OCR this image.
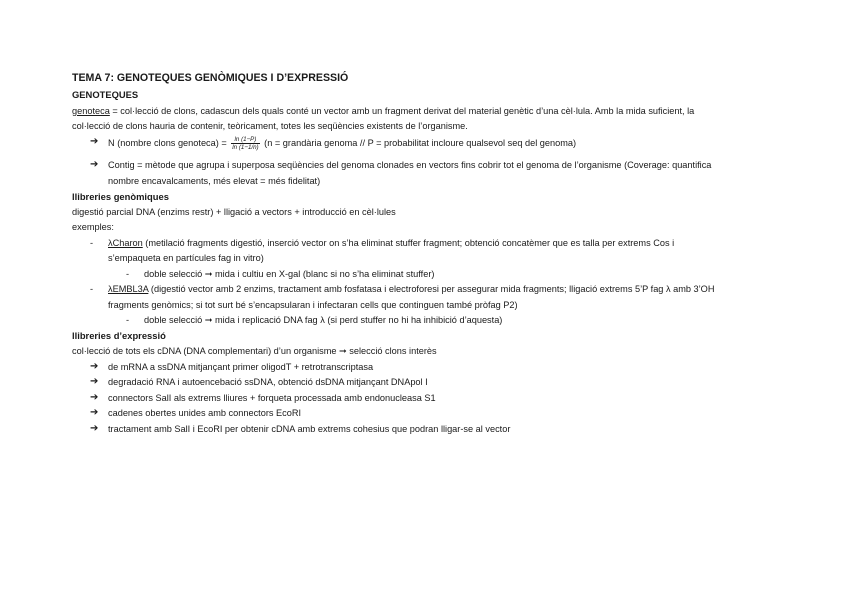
TEMA 7: GENOTEQUES GENÒMIQUES I D’EXPRESSIÓ
GENOTEQUES
genoteca = col·lecció de clons, cadascun dels quals conté un vector amb un fragment derivat del material genètic d’una cèl·lula. Amb la mida suficient, la
col·lecció de clons hauria de contenir, teòricament, totes les seqüències existents de l’organisme.
➔	N (nombre clons genoteca) = $\frac{\ln (1-P)}{\ln (1-1/n)} (n$ = grandària genoma // P = probabilitat incloure qualsevol seq del genoma)
➔	Contig = mètode que agrupa i superposa seqüències del genoma clonades en vectors fins cobrir tot el genoma de l’organisme (Coverage: quantifica
nombre encavalcaments, més elevat = més fidelitat)
llibreries genòmiques
digestió parcial DNA (enzims restr) + lligació a vectors + introducció en cèl·lules
exemples:
-	λCharon (metilació fragments digestió, inserció vector on s’ha eliminat stuffer fragment; obtenció concatèmer que es talla per extrems Cos i
s’empaqueta en partícules fag in vitro)
-	doble selecció ➞ mida i cultiu en X-gal (blanc si no s’ha eliminat stuffer)
-	λEMBL3A (digestió vector amb 2 enzims, tractament amb fosfatasa i electroforesi per assegurar mida fragments; lligació extrems 5’P fag λ amb 3’OH
fragments genòmics; si tot surt bé s’encapsularan i infectaran cells que continguen també pròfag P2)
-	doble selecció ➞ mida i replicació DNA fag λ (si perd stuffer no hi ha inhibició d’aquesta)
llibreries d’expressió
col·lecció de tots els cDNA (DNA complementari) d’un organisme ➞ selecció clons interès
➔	de mRNA a ssDNA mitjançant primer oligodT + retrotranscriptasa
➔	degradació RNA i autoencebació ssDNA, obtenció dsDNA mitjançant DNApol I
➔	connectors SalI als extrems lliures + forqueta processada amb endonucleasa S1
➔	cadenes obertes unides amb connectors EcoRI
➔	tractament amb SalI i EcoRI per obtenir cDNA amb extrems cohesius que podran lligar-se al vector
